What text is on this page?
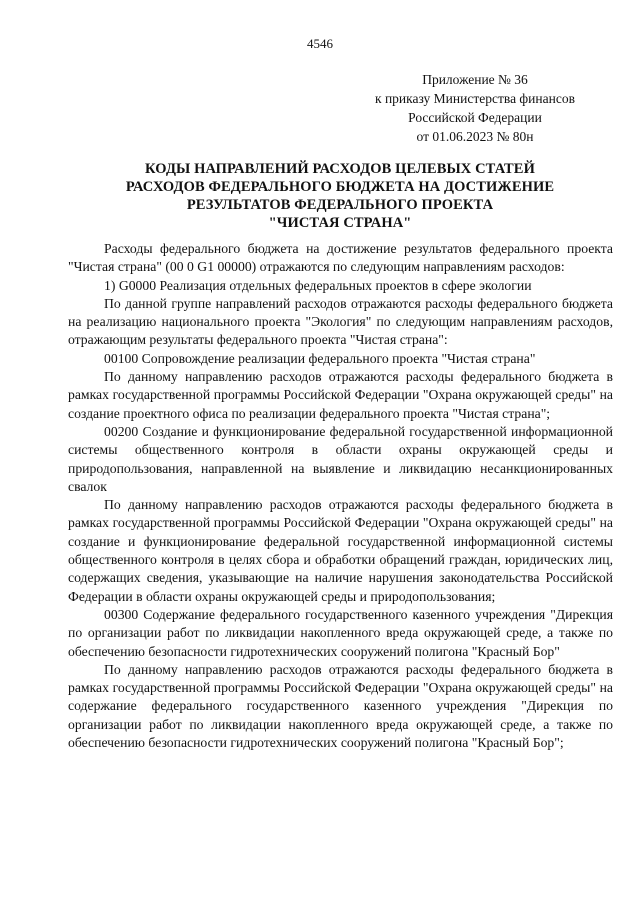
4546
Приложение № 36
к приказу Министерства финансов
Российской Федерации
от 01.06.2023 № 80н
КОДЫ НАПРАВЛЕНИЙ РАСХОДОВ ЦЕЛЕВЫХ СТАТЕЙ
РАСХОДОВ ФЕДЕРАЛЬНОГО БЮДЖЕТА НА ДОСТИЖЕНИЕ
РЕЗУЛЬТАТОВ ФЕДЕРАЛЬНОГО ПРОЕКТА
"ЧИСТАЯ СТРАНА"

Расходы федерального бюджета на достижение результатов федерального проекта "Чистая страна" (00 0 G1 00000) отражаются по следующим направлениям расходов:

1) G0000 Реализация отдельных федеральных проектов в сфере экологии

По данной группе направлений расходов отражаются расходы федерального бюджета на реализацию национального проекта "Экология" по следующим направлениям расходов, отражающим результаты федерального проекта "Чистая страна":

00100 Сопровождение реализации федерального проекта "Чистая страна"

По данному направлению расходов отражаются расходы федерального бюджета в рамках государственной программы Российской Федерации "Охрана окружающей среды" на создание проектного офиса по реализации федерального проекта "Чистая страна";

00200 Создание и функционирование федеральной государственной информационной системы общественного контроля в области охраны окружающей среды и природопользования, направленной на выявление и ликвидацию несанкционированных свалок

По данному направлению расходов отражаются расходы федерального бюджета в рамках государственной программы Российской Федерации "Охрана окружающей среды" на создание и функционирование федеральной государственной информационной системы общественного контроля в целях сбора и обработки обращений граждан, юридических лиц, содержащих сведения, указывающие на наличие нарушения законодательства Российской Федерации в области охраны окружающей среды и природопользования;

00300 Содержание федерального государственного казенного учреждения "Дирекция по организации работ по ликвидации накопленного вреда окружающей среде, а также по обеспечению безопасности гидротехнических сооружений полигона "Красный Бор"

По данному направлению расходов отражаются расходы федерального бюджета в рамках государственной программы Российской Федерации "Охрана окружающей среды" на содержание федерального государственного казенного учреждения "Дирекция по организации работ по ликвидации накопленного вреда окружающей среде, а также по обеспечению безопасности гидротехнических сооружений полигона "Красный Бор";
